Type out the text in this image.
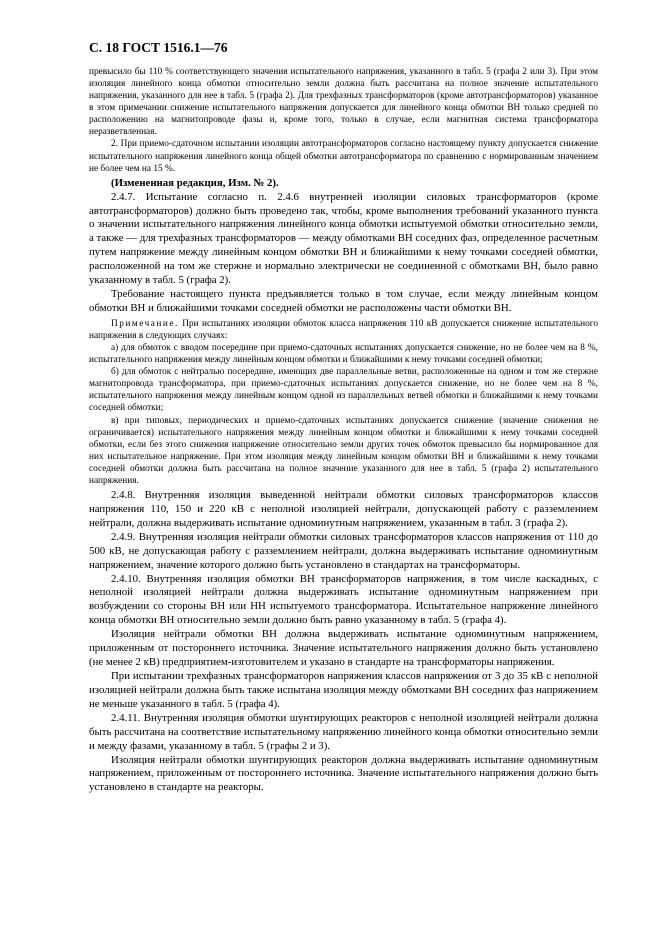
С. 18 ГОСТ 1516.1—76

превысило бы 110 % соответствующего значения испытательного напряжения, указанного в табл. 5 (графа 2 или 3). При этом изоляция линейного конца обмотки относительно земли должна быть рассчитана на полное значение испытательного напряжения, указанного для нее в табл. 5 (графа 2). Для трехфазных трансформаторов (кроме автотрансформаторов) указанное в этом примечании снижение испытательного напряжения допускается для линейного конца обмотки ВН только средней по расположению на магнитопроводе фазы и, кроме того, только в случае, если магнитная система трансформатора неразветвленная.

2. При приемо-сдаточном испытании изоляции автотрансформаторов согласно настоящему пункту допускается снижение испытательного напряжения линейного конца общей обмотки автотрансформатора по сравнению с нормированным значением не более чем на 15 %.

(Измененная редакция, Изм. № 2).

2.4.7. Испытание согласно п. 2.4.6 внутренней изоляции силовых трансформаторов (кроме автотрансформаторов) должно быть проведено так, чтобы, кроме выполнения требований указанного пункта о значении испытательного напряжения линейного конца обмотки испытуемой обмотки относительно земли, а также — для трехфазных трансформаторов — между обмотками ВН соседних фаз, определенное расчетным путем напряжение между линейным концом обмотки ВН и ближайшими к нему точками соседней обмотки, расположенной на том же стержне и нормально электрически не соединенной с обмотками ВН, было равно указанному в табл. 5 (графа 2).

Требование настоящего пункта предъявляется только в том случае, если между линейным концом обмотки ВН и ближайшими точками соседней обмотки не расположены части обмотки ВН.

Примечание. При испытаниях изоляции обмоток класса напряжения 110 кВ допускается снижение испытательного напряжения в следующих случаях:

а) для обмоток с вводом посередине при приемо-сдаточных испытаниях допускается снижение, но не более чем на 8 %, испытательного напряжения между линейным концом обмотки и ближайшими к нему точками соседней обмотки;

б) для обмоток с нейтралью посередине, имеющих две параллельные ветви, расположенные на одном и том же стержне магнитопровода трансформатора, при приемо-сдаточных испытаниях допускается снижение, но не более чем на 8 %, испытательного напряжения между линейным концом одной из параллельных ветвей обмотки и ближайшими к нему точками соседней обмотки;

в) при типовых, периодических и приемо-сдаточных испытаниях допускается снижение (значение снижения не ограничивается) испытательного напряжения между линейным концом обмотки и ближайшими к нему точками соседней обмотки, если без этого снижения напряжение относительно земли других точек обмоток превысило бы нормированное для них испытательное напряжение. При этом изоляция между линейным концом обмотки ВН и ближайшими к нему точками соседней обмотки должна быть рассчитана на полное значение указанного для нее в табл. 5 (графа 2) испытательного напряжения.

2.4.8. Внутренняя изоляция выведенной нейтрали обмотки силовых трансформаторов классов напряжения 110, 150 и 220 кВ с неполной изоляцией нейтрали, допускающей работу с разземлением нейтрали, должна выдерживать испытание одноминутным напряжением, указанным в табл. 3 (графа 2).

2.4.9. Внутренняя изоляция нейтрали обмотки силовых трансформаторов классов напряжения от 110 до 500 кВ, не допускающая работу с разземлением нейтрали, должна выдерживать испытание одноминутным напряжением, значение которого должно быть установлено в стандартах на трансформаторы.

2.4.10. Внутренняя изоляция обмотки ВН трансформаторов напряжения, в том числе каскадных, с неполной изоляцией нейтрали должна выдерживать испытание одноминутным напряжением при возбуждении со стороны ВН или НН испытуемого трансформатора. Испытательное напряжение линейного конца обмотки ВН относительно земли должно быть равно указанному в табл. 5 (графа 4).

Изоляция нейтрали обмотки ВН должна выдерживать испытание одноминутным напряжением, приложенным от постороннего источника. Значение испытательного напряжения должно быть установлено (не менее 2 кВ) предприятием-изготовителем и указано в стандарте на трансформаторы напряжения.

При испытании трехфазных трансформаторов напряжения классов напряжения от 3 до 35 кВ с неполной изоляцией нейтрали должна быть также испытана изоляция между обмотками ВН соседних фаз напряжением не меньше указанного в табл. 5 (графа 4).

2.4.11. Внутренняя изоляция обмотки шунтирующих реакторов с неполной изоляцией нейтрали должна быть рассчитана на соответствие испытательному напряжению линейного конца обмотки относительно земли и между фазами, указанному в табл. 5 (графы 2 и 3).

Изоляция нейтрали обмотки шунтирующих реакторов должна выдерживать испытание одноминутным напряжением, приложенным от постороннего источника. Значение испытательного напряжения должно быть установлено в стандарте на реакторы.
